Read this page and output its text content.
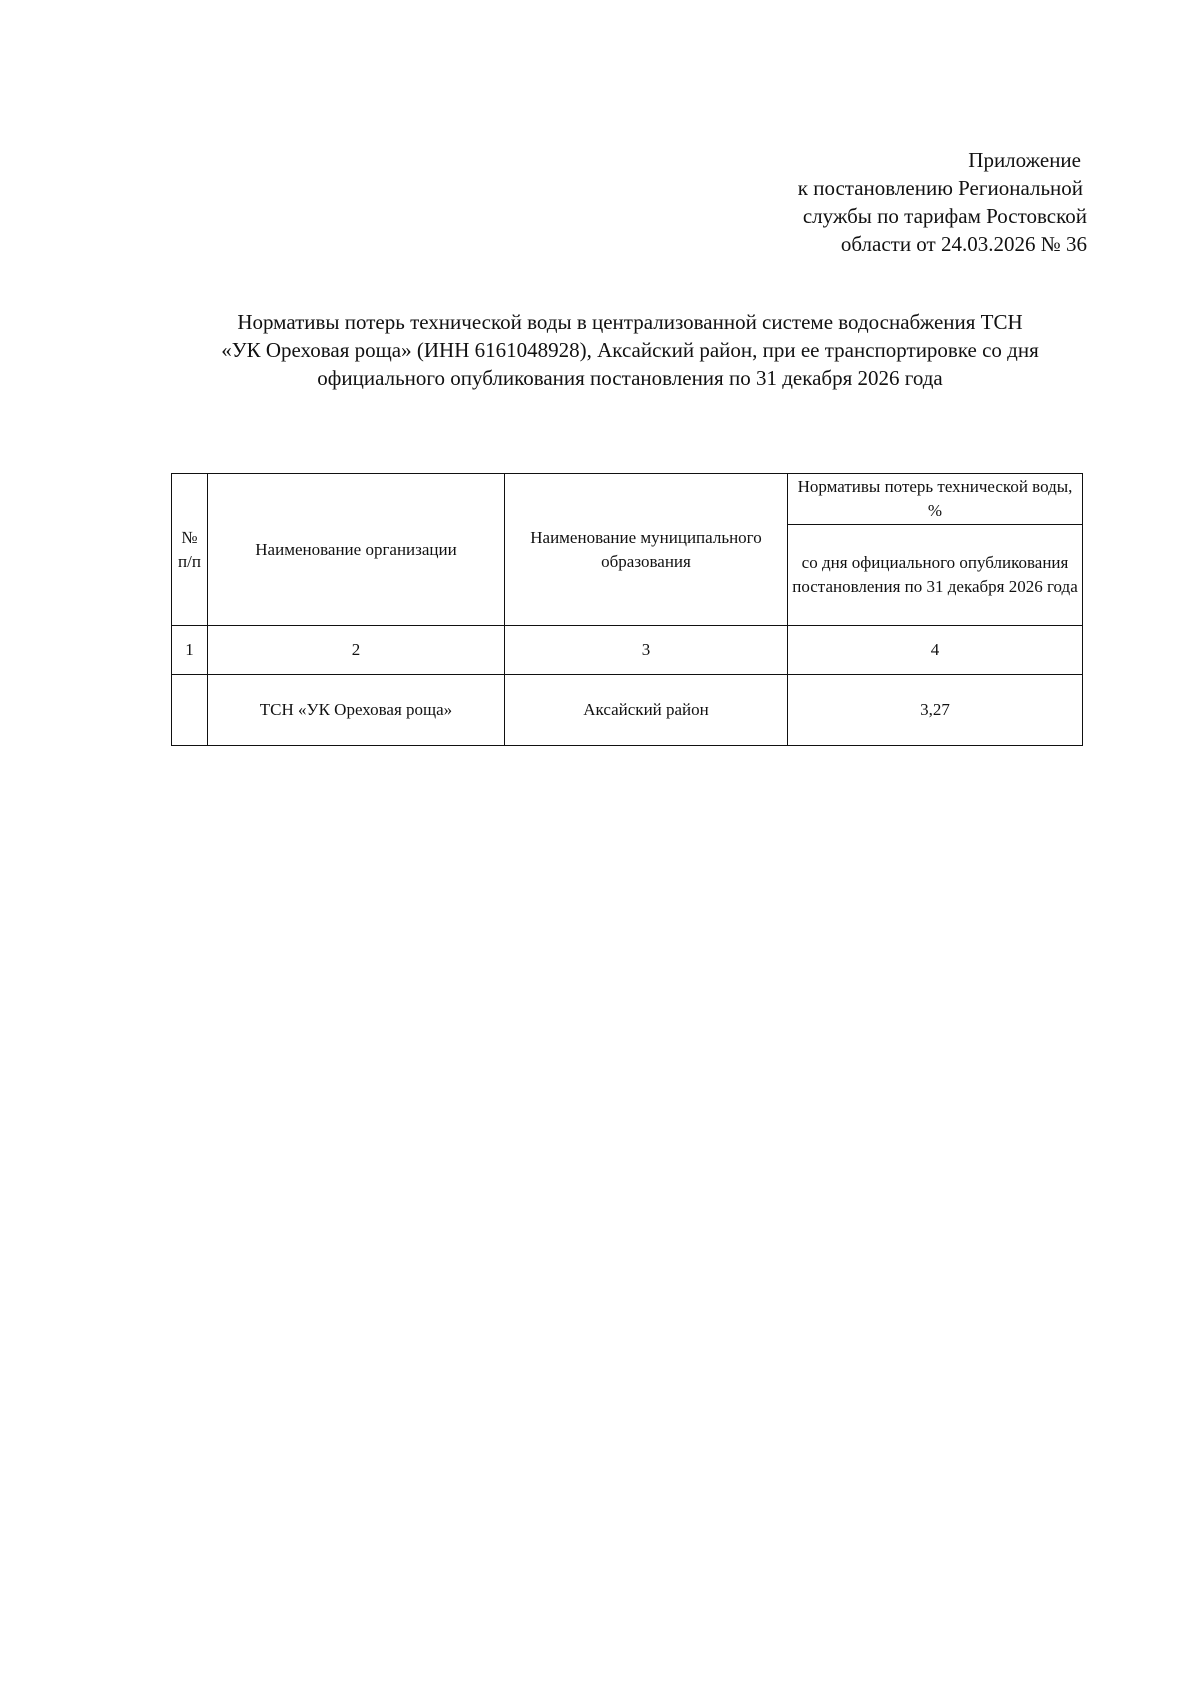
Приложение
к постановлению Региональной
службы по тарифам Ростовской
области от 24.03.2026 № 36
Нормативы потерь технической воды в централизованной системе водоснабжения ТСН
«УК Ореховая роща» (ИНН 6161048928), Аксайский район, при ее транспортировке со дня
официального опубликования постановления по 31 декабря 2026 года
№ п/п	Наименование организации	Наименование муниципального образования	Нормативы потерь технической воды, %
			со дня официального опубликования постановления по 31 декабря 2026 года
1	2	3	4
	ТСН «УК Ореховая роща»	Аксайский район	3,27
